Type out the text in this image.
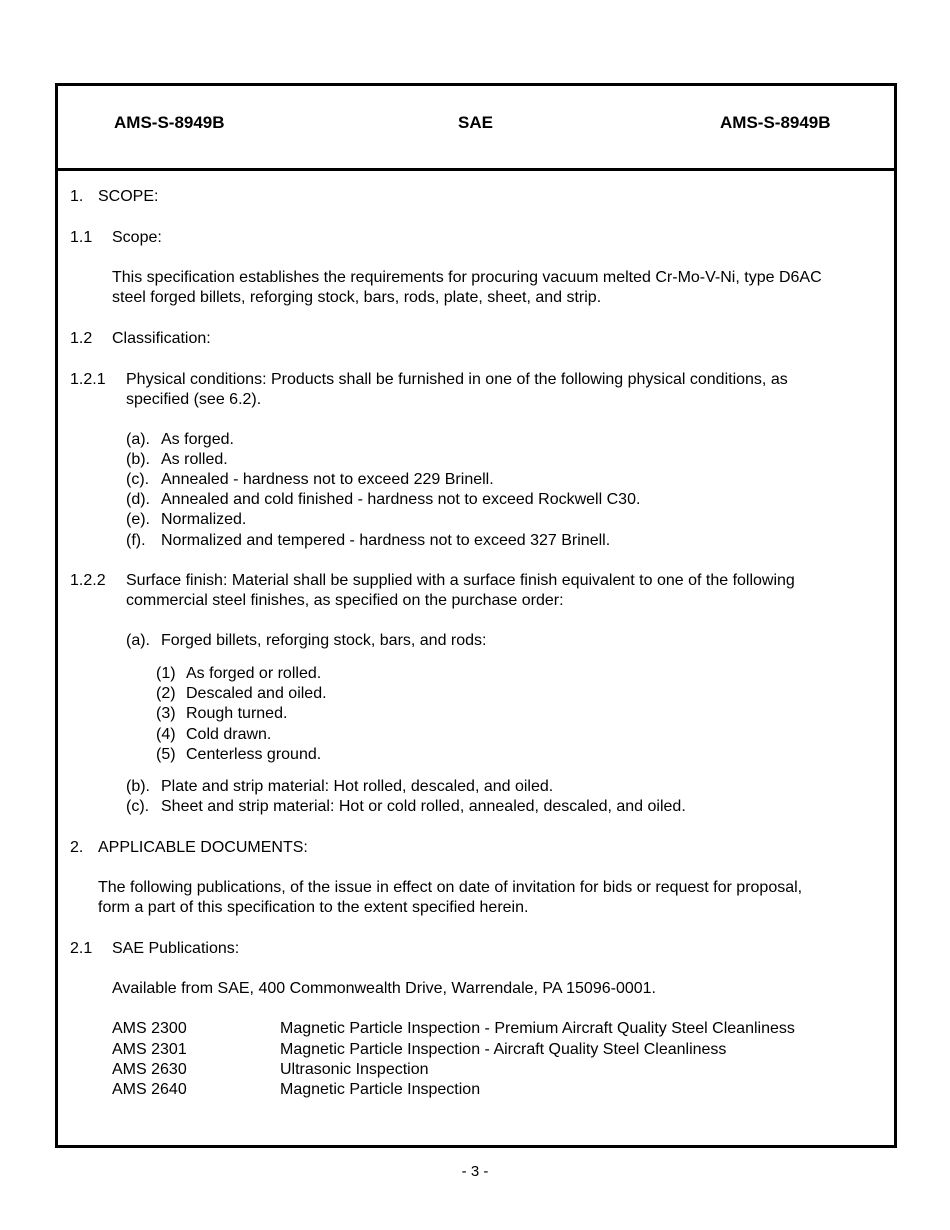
AMS-S-8949B	SAE	AMS-S-8949B
1. SCOPE:
1.1 Scope:
This specification establishes the requirements for procuring vacuum melted Cr-Mo-V-Ni, type D6AC
steel forged billets, reforging stock, bars, rods, plate, sheet, and strip.
1.2 Classification:
1.2.1 Physical conditions: Products shall be furnished in one of the following physical conditions, as
specified (see 6.2).
(a). As forged.
(b). As rolled.
(c). Annealed - hardness not to exceed 229 Brinell.
(d). Annealed and cold finished - hardness not to exceed Rockwell C30.
(e). Normalized.
(f). Normalized and tempered - hardness not to exceed 327 Brinell.
1.2.2 Surface finish: Material shall be supplied with a surface finish equivalent to one of the following
commercial steel finishes, as specified on the purchase order:
(a). Forged billets, reforging stock, bars, and rods:
(1) As forged or rolled.
(2) Descaled and oiled.
(3) Rough turned.
(4) Cold drawn.
(5) Centerless ground.
(b). Plate and strip material: Hot rolled, descaled, and oiled.
(c). Sheet and strip material: Hot or cold rolled, annealed, descaled, and oiled.
2. APPLICABLE DOCUMENTS:
The following publications, of the issue in effect on date of invitation for bids or request for proposal,
form a part of this specification to the extent specified herein.
2.1 SAE Publications:
Available from SAE, 400 Commonwealth Drive, Warrendale, PA 15096-0001.
AMS 2300	Magnetic Particle Inspection - Premium Aircraft Quality Steel Cleanliness
AMS 2301	Magnetic Particle Inspection - Aircraft Quality Steel Cleanliness
AMS 2630	Ultrasonic Inspection
AMS 2640	Magnetic Particle Inspection
- 3 -
